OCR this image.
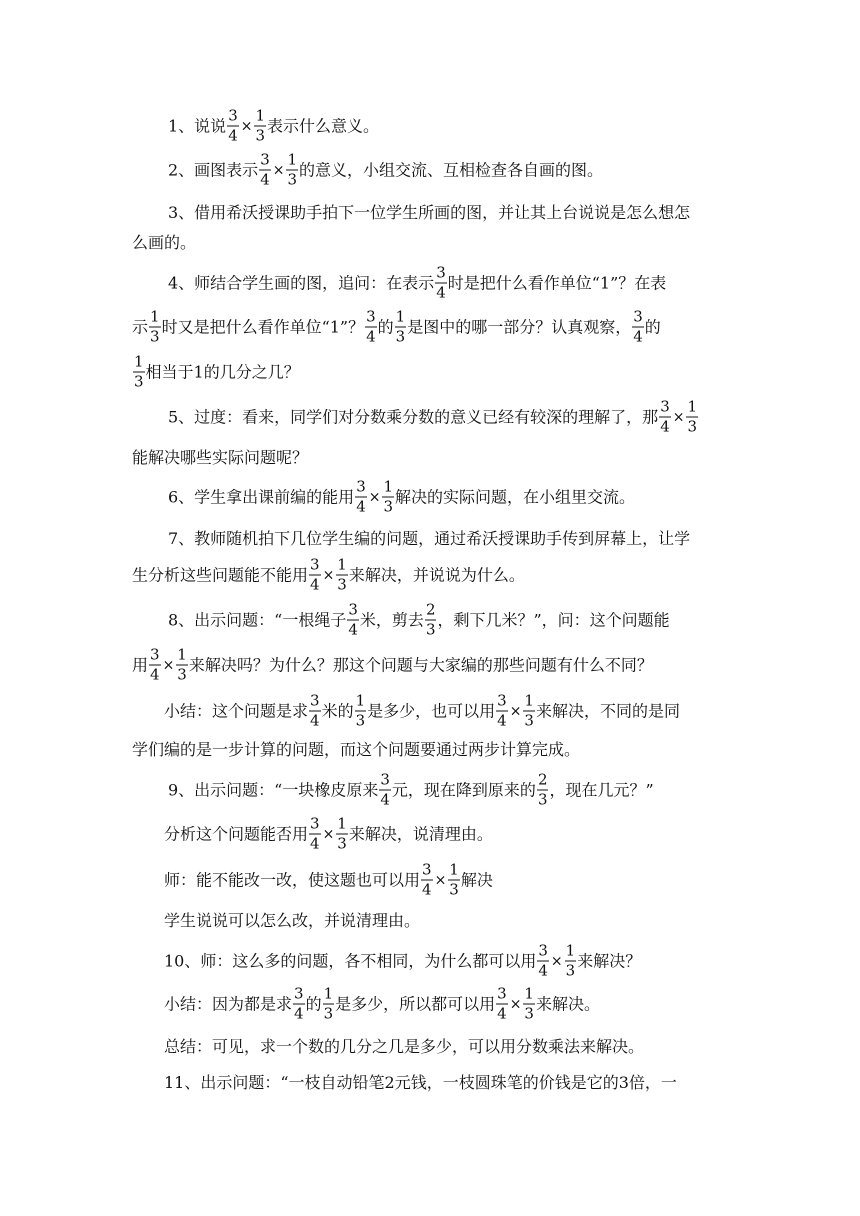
1、说说 $\frac{3}{4} \times \frac{1}{3}$ 表示什么意义。
2、画图表示 $\frac{3}{4} \times \frac{1}{3}$ 的意义，小组交流、互相检查各自画的图。
3、借用希沃授课助手拍下一位学生所画的图，并让其上台说说是怎么想怎
么画的。
4、师结合学生画的图，追问：在表示 $\frac{3}{4}$ 时是把什么看作单位“1”？在表
示 $\frac{1}{3}$ 时又是把什么看作单位“1”？ $\frac{3}{4}$ 的 $\frac{1}{3}$ 是图中的哪一部分？认真观察， $\frac{3}{4}$ 的
$\frac{1}{3}$ 相当于1的几分之几？
5、过度：看来，同学们对分数乘分数的意义已经有较深的理解了，那 $\frac{3}{4} \times \frac{1}{3}$
能解决哪些实际问题呢？
6、学生拿出课前编的能用 $\frac{3}{4} \times \frac{1}{3}$ 解决的实际问题，在小组里交流。
7、教师随机拍下几位学生编的问题，通过希沃授课助手传到屏幕上，让学
生分析这些问题能不能用 $\frac{3}{4} \times \frac{1}{3}$ 来解决，并说说为什么。
8、出示问题：“一根绳子 $\frac{3}{4}$ 米，剪去 $\frac{2}{3}$ ，剩下几米？”，问：这个问题能
用 $\frac{3}{4} \times \frac{1}{3}$ 来解决吗？为什么？那这个问题与大家编的那些问题有什么不同？
小结：这个问题是求 $\frac{3}{4}$ 米的 $\frac{1}{3}$ 是多少，也可以用 $\frac{3}{4} \times \frac{1}{3}$ 来解决，不同的是同
学们编的是一步计算的问题，而这个问题要通过两步计算完成。
9、出示问题：“一块橡皮原来 $\frac{3}{4}$ 元，现在降到原来的 $\frac{2}{3}$ ，现在几元？”
分析这个问题能否用 $\frac{3}{4} \times \frac{1}{3}$ 来解决，说清理由。
师：能不能改一改，使这题也可以用 $\frac{3}{4} \times \frac{1}{3}$ 解决
学生说说可以怎么改，并说清理由。
10、师：这么多的问题，各不相同，为什么都可以用 $\frac{3}{4} \times \frac{1}{3}$ 来解决？
小结：因为都是求 $\frac{3}{4}$ 的 $\frac{1}{3}$ 是多少，所以都可以用 $\frac{3}{4} \times \frac{1}{3}$ 来解决。
总结：可见，求一个数的几分之几是多少，可以用分数乘法来解决。
11、出示问题：“一枝自动铅笔2元钱，一枝圆珠笔的价钱是它的3倍，一
